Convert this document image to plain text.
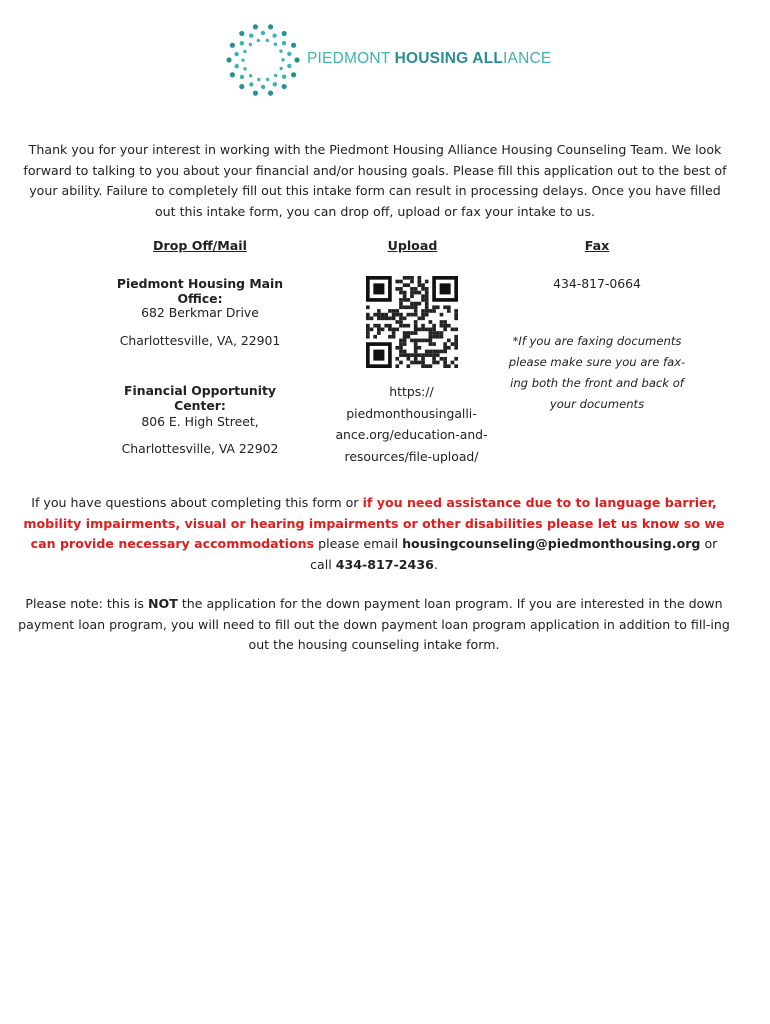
PIEDMONT HOUSING ALLIANCE
Thank you for your interest in working with the Piedmont Housing Alliance Housing Counseling Team. We look forward to talking to you about your financial and/or housing goals. Please fill this application out to the best of your ability. Failure to completely fill out this intake form can result in processing delays. Once you have filled out this intake form, you can drop off, upload or fax your intake to us.
Drop Off/Mail	Upload	Fax
Piedmont Housing Main Office:
682 Berkmar Drive
Charlottesville, VA, 22901
Financial Opportunity Center:
806 E. High Street,
Charlottesville, VA 22902
https://
piedmonthousingalli-
ance.org/education-and-
resources/file-upload/
434-817-0664
*If you are faxing documents please make sure you are fax-ing both the front and back of your documents
If you have questions about completing this form or if you need assistance due to to language barrier, mobility impairments, visual or hearing impairments or other disabilities please let us know so we can provide necessary accommodations please email housingcounseling@piedmonthousing.org or call 434-817-2436.
Please note: this is NOT the application for the down payment loan program. If you are interested in the down payment loan program, you will need to fill out the down payment loan program application in addition to fill-ing out the housing counseling intake form.
